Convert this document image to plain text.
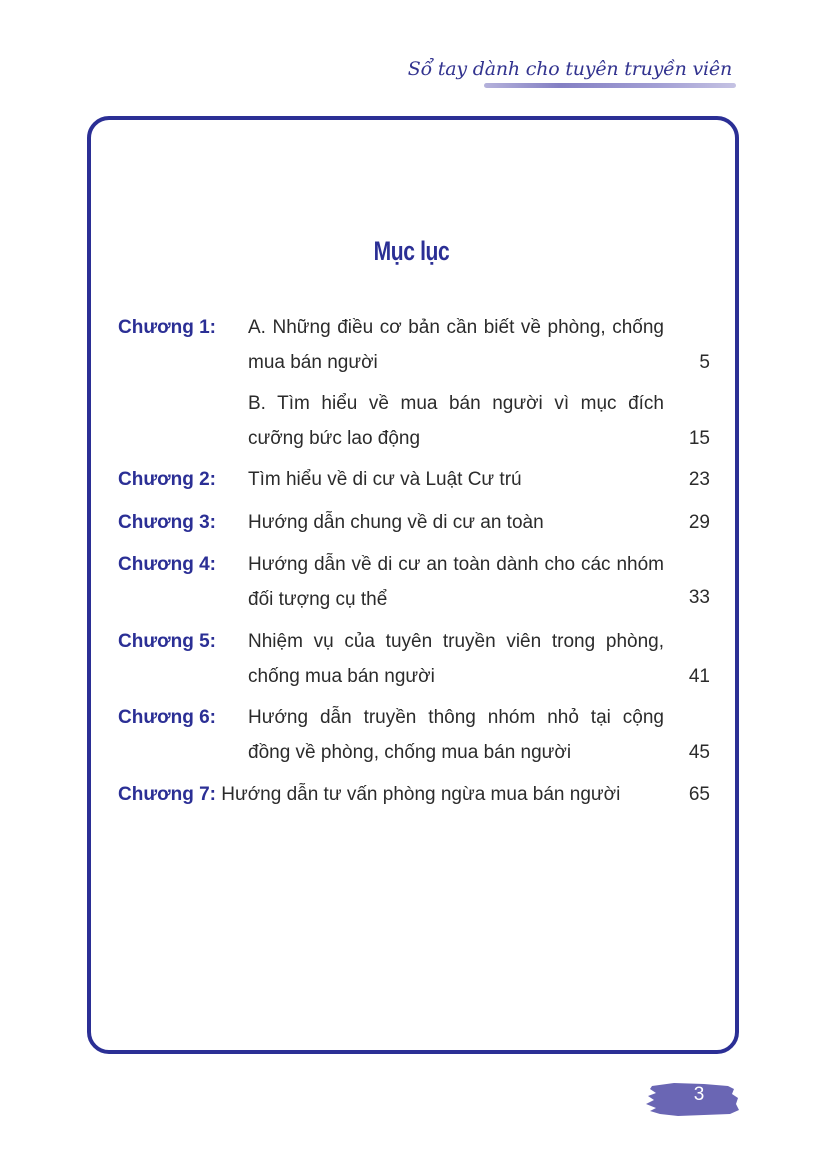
Sổ tay dành cho tuyên truyền viên
Mục lục
Chương 1: A. Những điều cơ bản cần biết về phòng, chống mua bán người	5
B. Tìm hiểu về mua bán người vì mục đích cưỡng bức lao động	15
Chương 2: Tìm hiểu về di cư và Luật Cư trú	23
Chương 3: Hướng dẫn chung về di cư an toàn	29
Chương 4: Hướng dẫn về di cư an toàn dành cho các nhóm đối tượng cụ thể	33
Chương 5: Nhiệm vụ của tuyên truyền viên trong phòng, chống mua bán người	41
Chương 6: Hướng dẫn truyền thông nhóm nhỏ tại cộng đồng về phòng, chống mua bán người	45
Chương 7: Hướng dẫn tư vấn phòng ngừa mua bán người	65
3
